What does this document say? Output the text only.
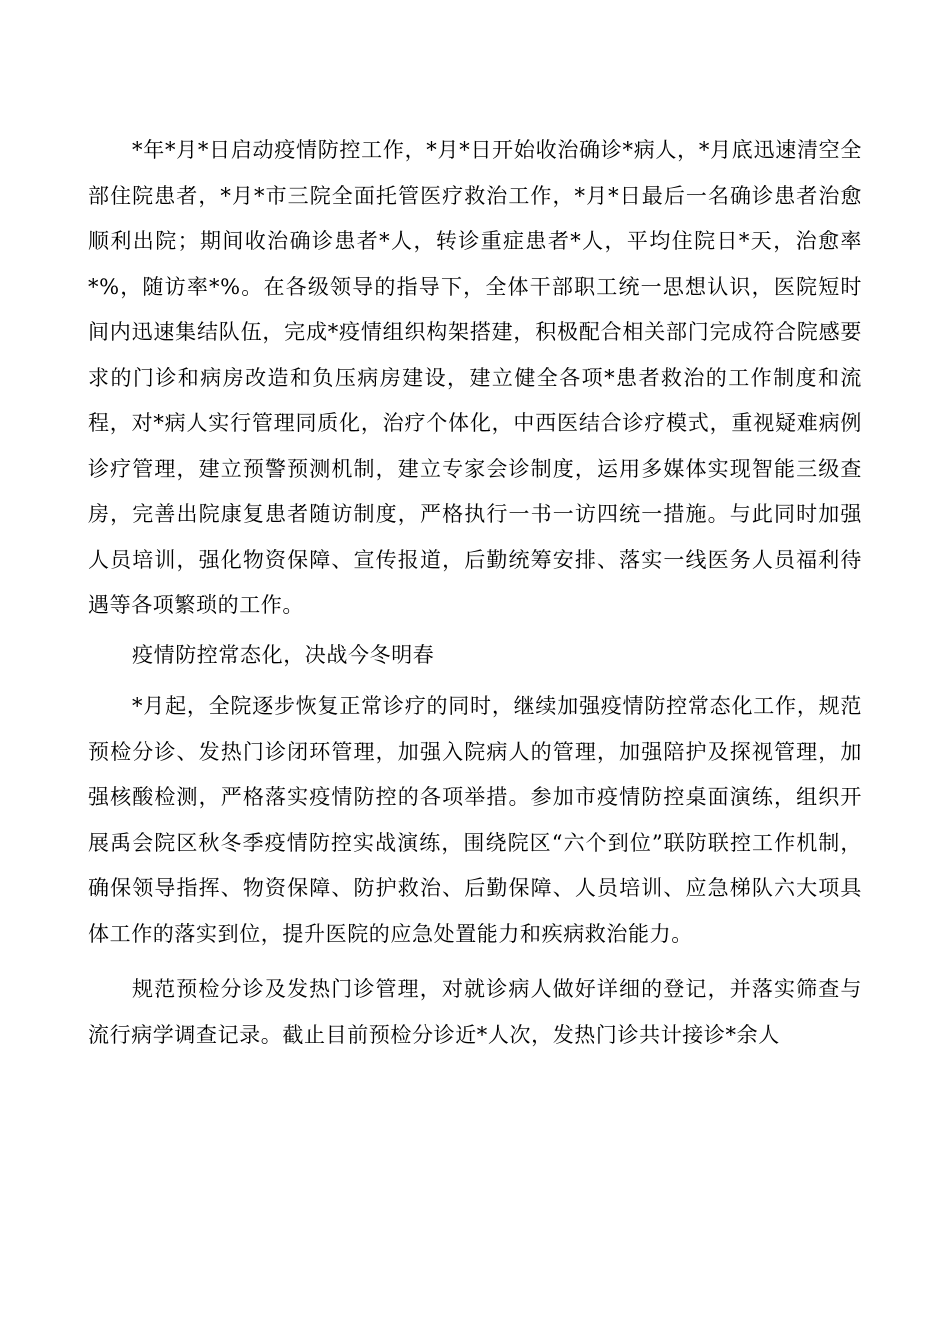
*年*月*日启动疫情防控工作，*月*日开始收治确诊*病人，*月底迅速清空全部住院患者，*月*市三院全面托管医疗救治工作，*月*日最后一名确诊患者治愈顺利出院；期间收治确诊患者*人，转诊重症患者*人，平均住院日*天，治愈率*%，随访率*%。在各级领导的指导下，全体干部职工统一思想认识，医院短时间内迅速集结队伍，完成*疫情组织构架搭建，积极配合相关部门完成符合院感要求的门诊和病房改造和负压病房建设，建立健全各项*患者救治的工作制度和流程，对*病人实行管理同质化，治疗个体化，中西医结合诊疗模式，重视疑难病例诊疗管理，建立预警预测机制，建立专家会诊制度，运用多媒体实现智能三级查房，完善出院康复患者随访制度，严格执行一书一访四统一措施。与此同时加强人员培训，强化物资保障、宣传报道，后勤统筹安排、落实一线医务人员福利待遇等各项繁琐的工作。

疫情防控常态化，决战今冬明春

*月起，全院逐步恢复正常诊疗的同时，继续加强疫情防控常态化工作，规范预检分诊、发热门诊闭环管理，加强入院病人的管理，加强陪护及探视管理，加强核酸检测，严格落实疫情防控的各项举措。参加市疫情防控桌面演练，组织开展禹会院区秋冬季疫情防控实战演练，围绕院区“六个到位”联防联控工作机制，确保领导指挥、物资保障、防护救治、后勤保障、人员培训、应急梯队六大项具体工作的落实到位，提升医院的应急处置能力和疾病救治能力。

规范预检分诊及发热门诊管理，对就诊病人做好详细的登记，并落实筛查与流行病学调查记录。截止目前预检分诊近*人次，发热门诊共计接诊*余人
